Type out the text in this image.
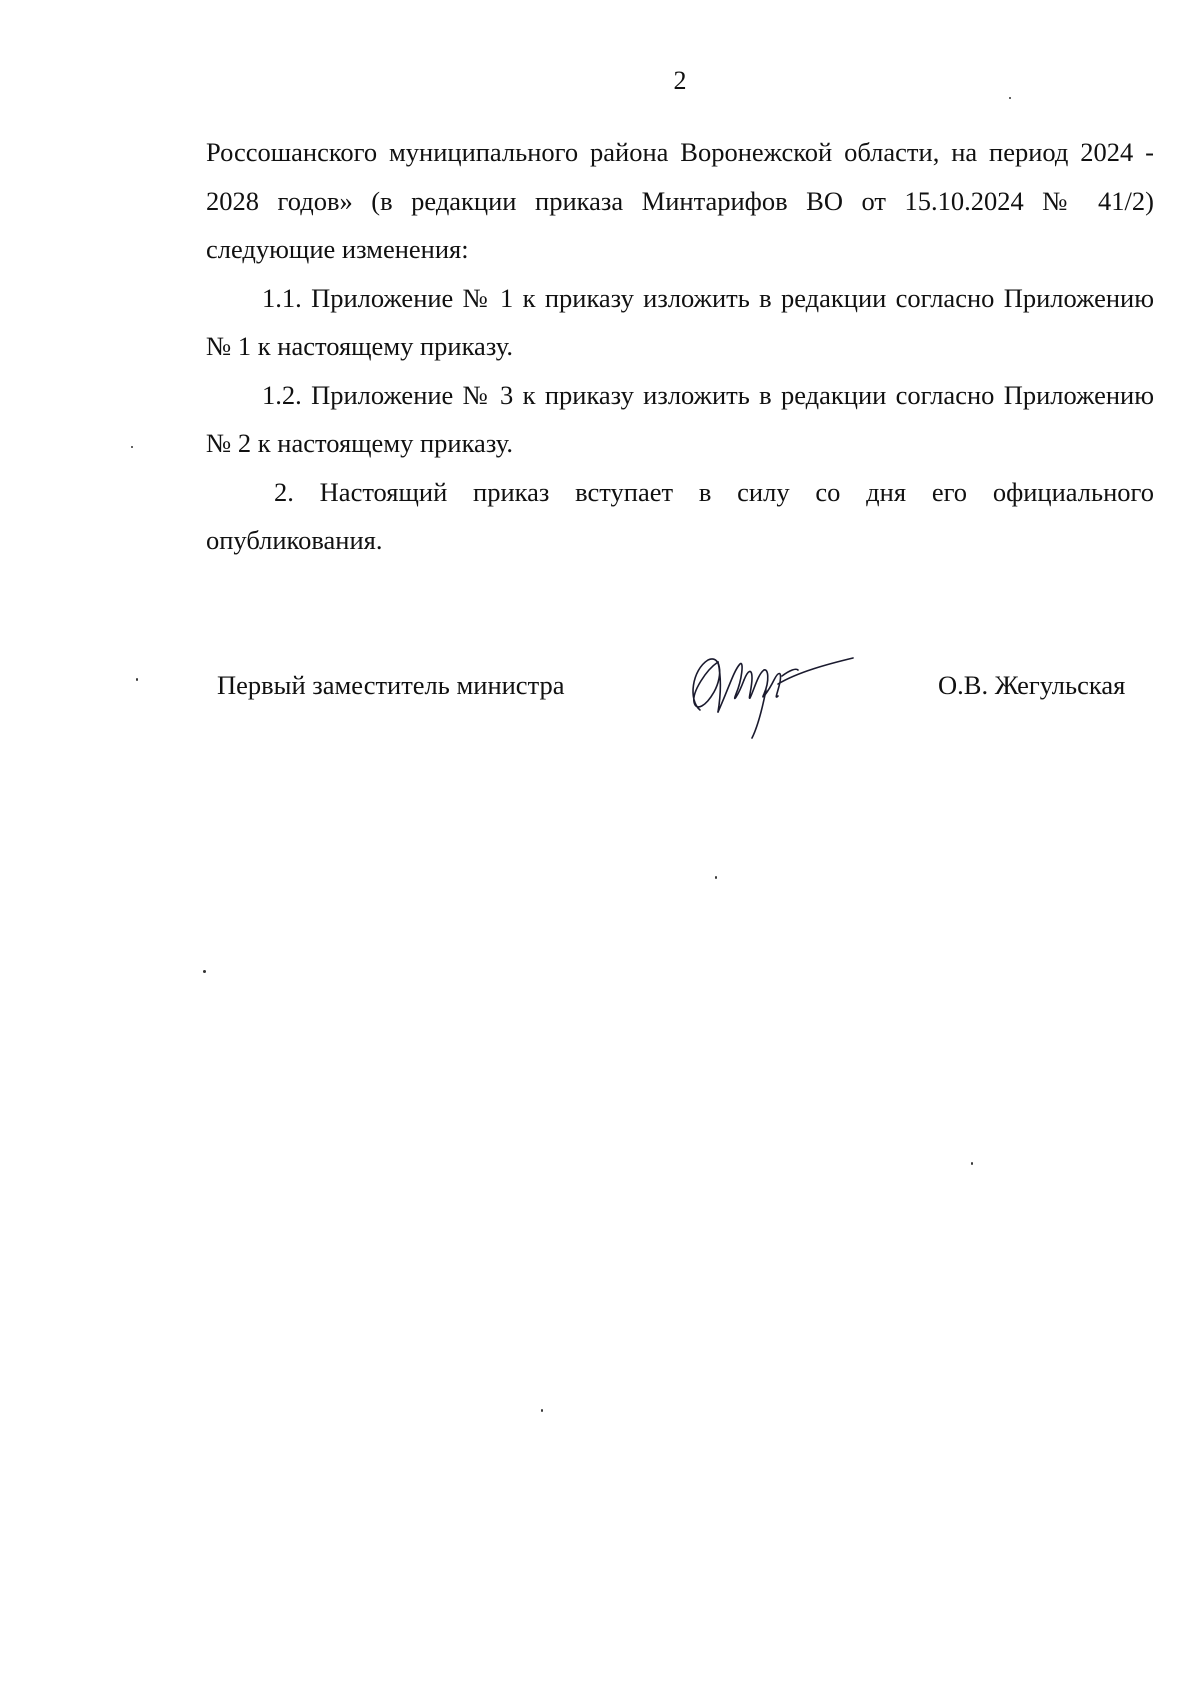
2

Россошанского муниципального района Воронежской области, на период 2024 - 2028 годов» (в редакции приказа Минтарифов ВО от 15.10.2024 № 41/2) следующие изменения:

1.1. Приложение № 1 к приказу изложить в редакции согласно Приложению № 1 к настоящему приказу.

1.2. Приложение № 3 к приказу изложить в редакции согласно Приложению № 2 к настоящему приказу.

2. Настоящий приказ вступает в силу со дня его официального опубликования.

Первый заместитель министра	О.В. Жегульская
